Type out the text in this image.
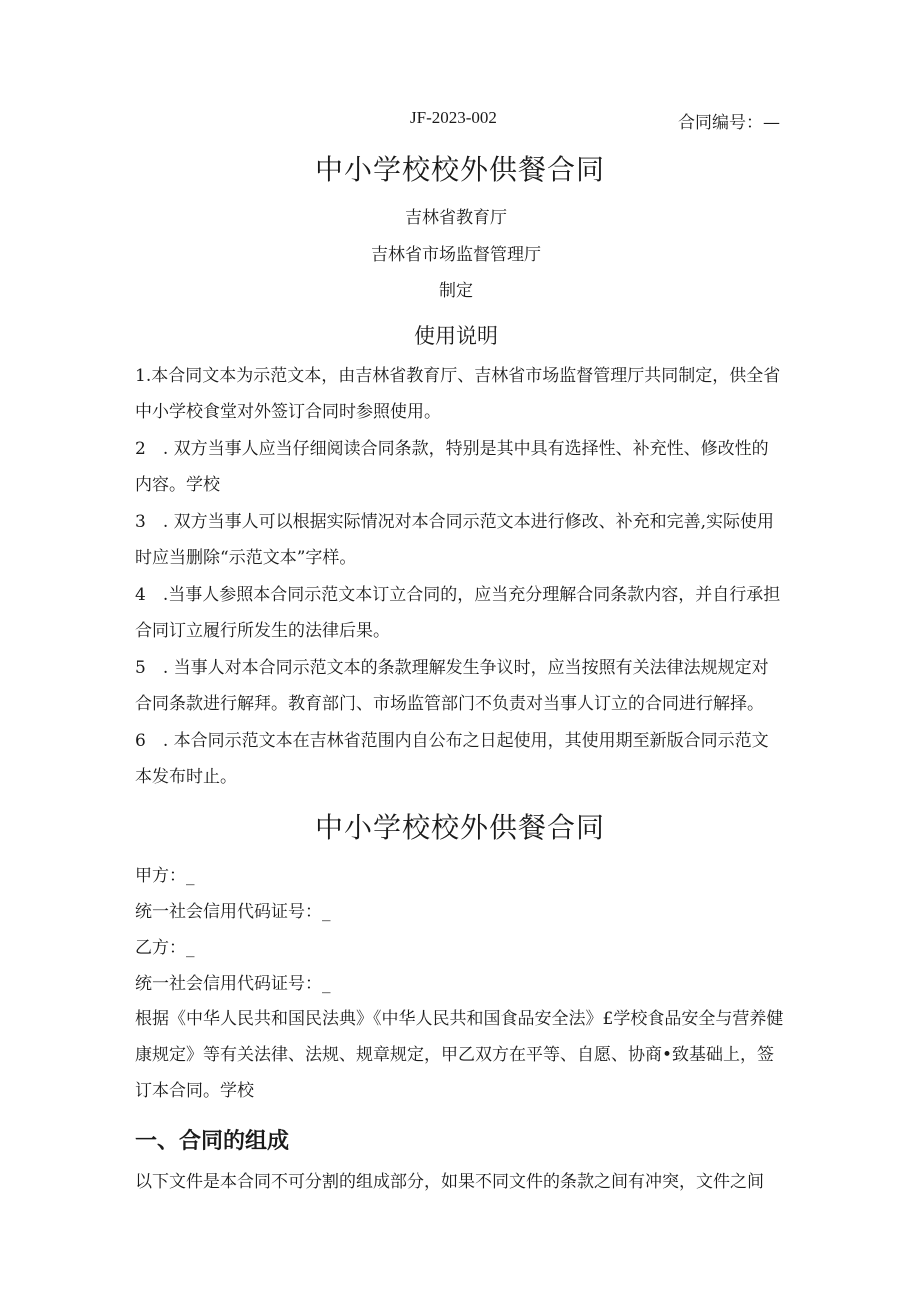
JF-2023-002	合同编号：—
中小学校校外供餐合同
吉林省教育厅
吉林省市场监督管理厅
制定
使用说明
1.本合同文本为示范文本，由吉林省教育厅、吉林省市场监督管理厅共同制定，供全省中小学校食堂对外签订合同时参照使用。
2　. 双方当事人应当仔细阅读合同条款，特别是其中具有选择性、补充性、修改性的内容。学校
3　. 双方当事人可以根据实际情况对本合同示范文本进行修改、补充和完善,实际使用时应当删除“示范文本”字样。
4　.当事人参照本合同示范文本订立合同的，应当充分理解合同条款内容，并自行承担合同订立履行所发生的法律后果。
5　. 当事人对本合同示范文本的条款理解发生争议时，应当按照有关法律法规规定对合同条款进行解拜。教育部门、市场监管部门不负责对当事人订立的合同进行解择。
6　. 本合同示范文本在吉林省范围内自公布之日起使用，其使用期至新版合同示范文本发布时止。
中小学校校外供餐合同
甲方：_
统一社会信用代码证号：_
乙方：_
统一社会信用代码证号：_
根据《中华人民共和国民法典》《中华人民共和国食品安全法》£学校食品安全与营养健康规定》等有关法律、法规、规章规定，甲乙双方在平等、自愿、协商•致基础上，签订本合同。学校
一、合同的组成
以下文件是本合同不可分割的组成部分，如果不同文件的条款之间有冲突，文件之间
